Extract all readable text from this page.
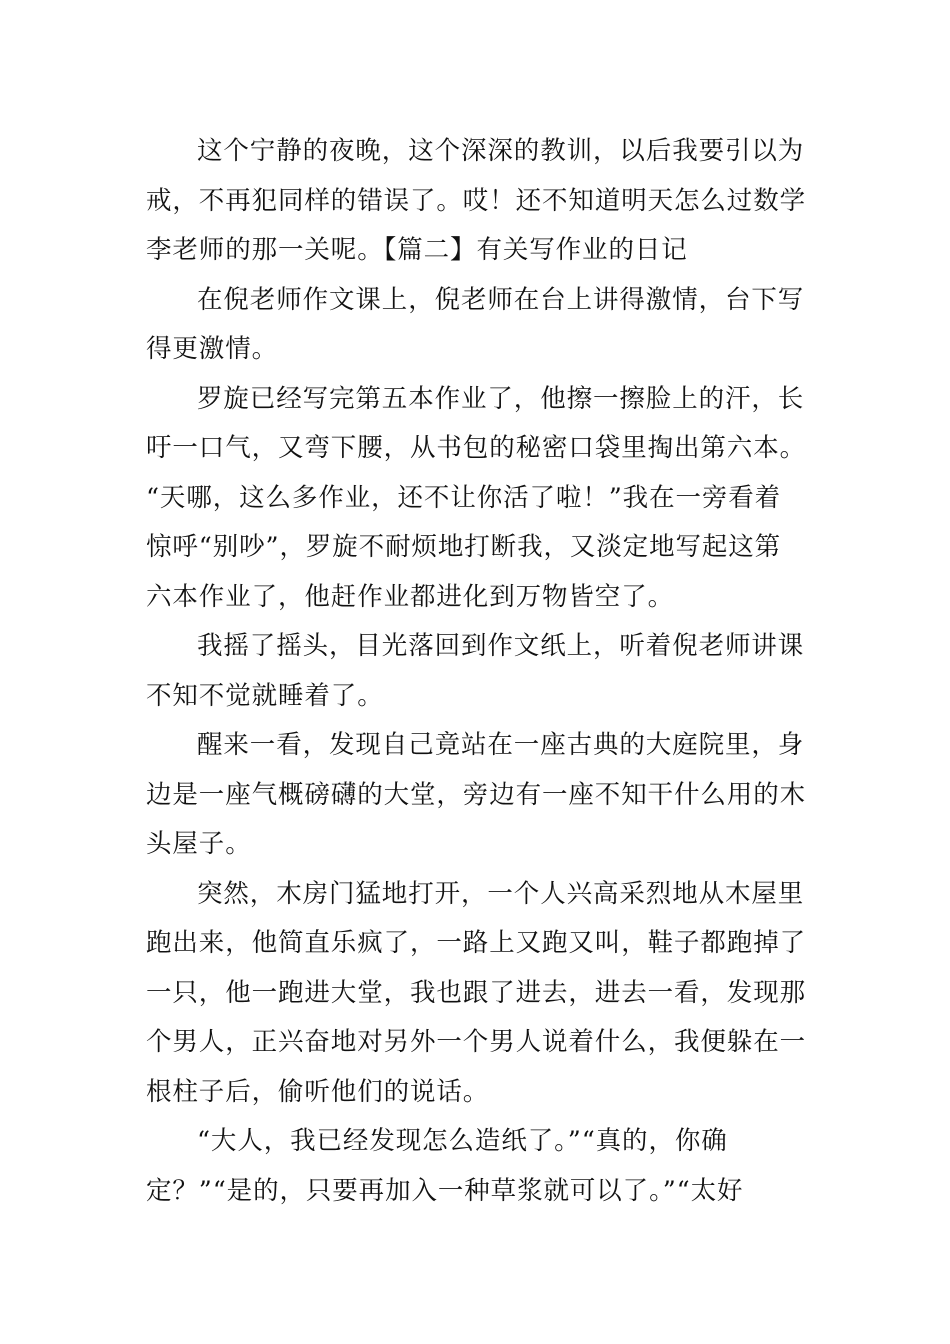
这个宁静的夜晚，这个深深的教训，以后我要引以为
戒，不再犯同样的错误了。哎！还不知道明天怎么过数学
李老师的那一关呢。【篇二】有关写作业的日记
在倪老师作文课上，倪老师在台上讲得激情，台下写
得更激情。
罗旋已经写完第五本作业了，他擦一擦脸上的汗，长
吁一口气，又弯下腰，从书包的秘密口袋里掏出第六本。
“天哪，这么多作业，还不让你活了啦！”我在一旁看着
惊呼“别吵”，罗旋不耐烦地打断我，又淡定地写起这第
六本作业了，他赶作业都进化到万物皆空了。
我摇了摇头，目光落回到作文纸上，听着倪老师讲课
不知不觉就睡着了。
醒来一看，发现自己竟站在一座古典的大庭院里，身
边是一座气概磅礴的大堂，旁边有一座不知干什么用的木
头屋子。
突然，木房门猛地打开，一个人兴高采烈地从木屋里
跑出来，他简直乐疯了，一路上又跑又叫，鞋子都跑掉了
一只，他一跑进大堂，我也跟了进去，进去一看，发现那
个男人，正兴奋地对另外一个男人说着什么，我便躲在一
根柱子后，偷听他们的说话。
“大人，我已经发现怎么造纸了。”“真的，你确
定？”“是的，只要再加入一种草浆就可以了。”“太好
